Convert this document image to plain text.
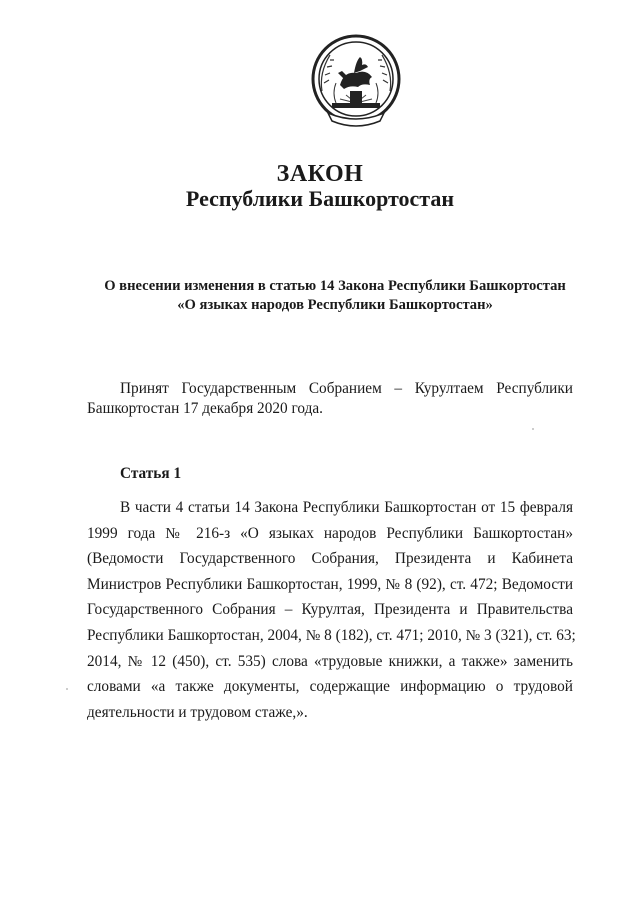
ЗАКОН
Республики Башкортостан

О внесении изменения в статью 14 Закона Республики Башкортостан
«О языках народов Республики Башкортостан»

Принят Государственным Собранием – Курултаем Республики
Башкортостан 17 декабря 2020 года.

Статья 1

В части 4 статьи 14 Закона Республики Башкортостан от 15 февраля
1999 года № 216-з «О языках народов Республики Башкортостан»
(Ведомости Государственного Собрания, Президента и Кабинета
Министров Республики Башкортостан, 1999, № 8 (92), ст. 472; Ведомости
Государственного Собрания – Курултая, Президента и Правительства
Республики Башкортостан, 2004, № 8 (182), ст. 471; 2010, № 3 (321), ст. 63;
2014, № 12 (450), ст. 535) слова «трудовые книжки, а также» заменить
словами «а также документы, содержащие информацию о трудовой
деятельности и трудовом стаже,».
